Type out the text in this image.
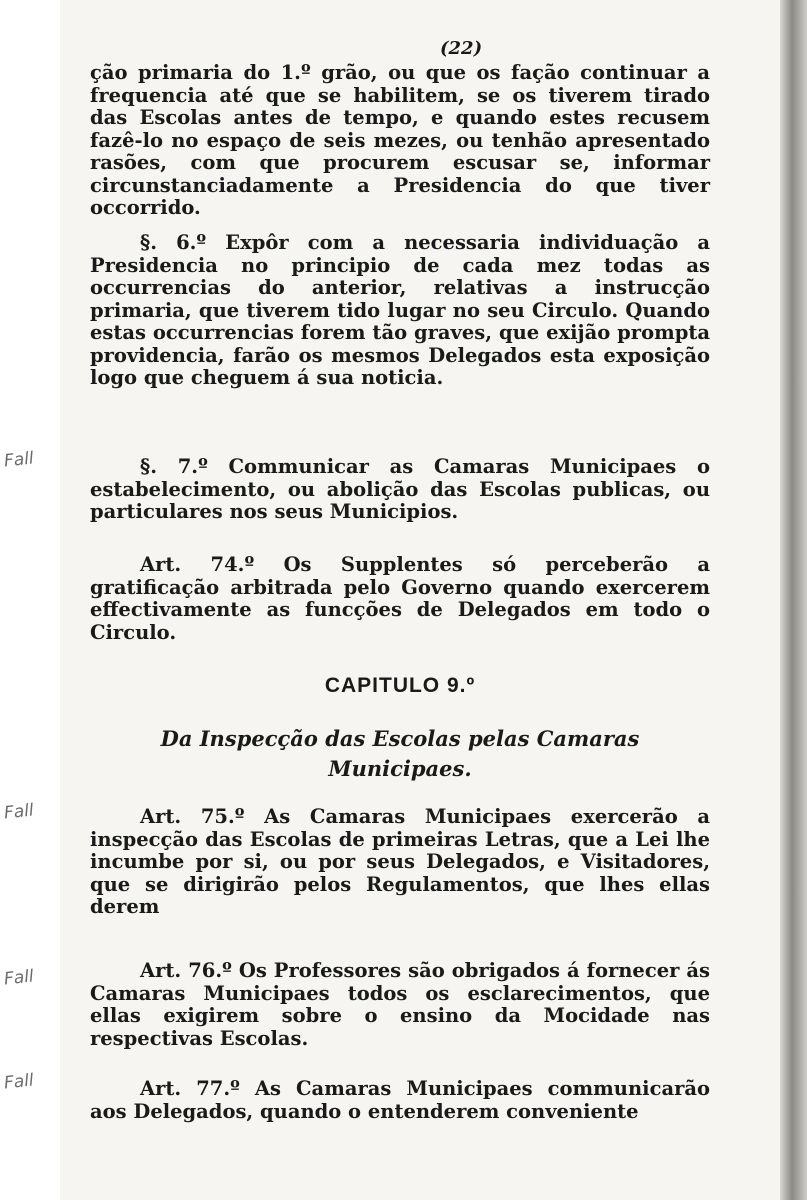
(22)

ção primaria do 1.º grão, ou que os fação continuar a frequencia até que se habilitem, se os tiverem tirado das Escolas antes de tempo, e quando estes recusem fazê-lo no espaço de seis mezes, ou tenhão apresentado rasões, com que procurem escusar se, informar circunstanciadamente a Presidencia do que tiver occorrido.

§. 6.º Expôr com a necessaria individuação a Presidencia no principio de cada mez todas as occurrencias do anterior, relativas a instrucção primaria, que tiverem tido lugar no seu Circulo. Quando estas occurrencias forem tão graves, que exijão prompta providencia, farão os mesmos Delegados esta exposição logo que cheguem á sua noticia.

§. 7.º Communicar as Camaras Municipaes o estabelecimento, ou abolição das Escolas publicas, ou particulares nos seus Municipios.

Art. 74.º Os Supplentes só perceberão a gratificação arbitrada pelo Governo quando exercerem effectivamente as funcções de Delegados em todo o Circulo.

CAPITULO 9.º
Da Inspecção das Escolas pelas Camaras
Municipaes.

Art. 75.º As Camaras Municipaes exercerão a inspecção das Escolas de primeiras Letras, que a Lei lhe incumbe por si, ou por seus Delegados, e Visitadores, que se dirigirão pelos Regulamentos, que lhes ellas derem

Art. 76.º Os Professores são obrigados á fornecer ás Camaras Municipaes todos os esclarecimentos, que ellas exigirem sobre o ensino da Mocidade nas respectivas Escolas.

Art. 77.º As Camaras Municipaes communicarão aos Delegados, quando o entenderem conveniente

Fall
Fall
Fall
Fall
